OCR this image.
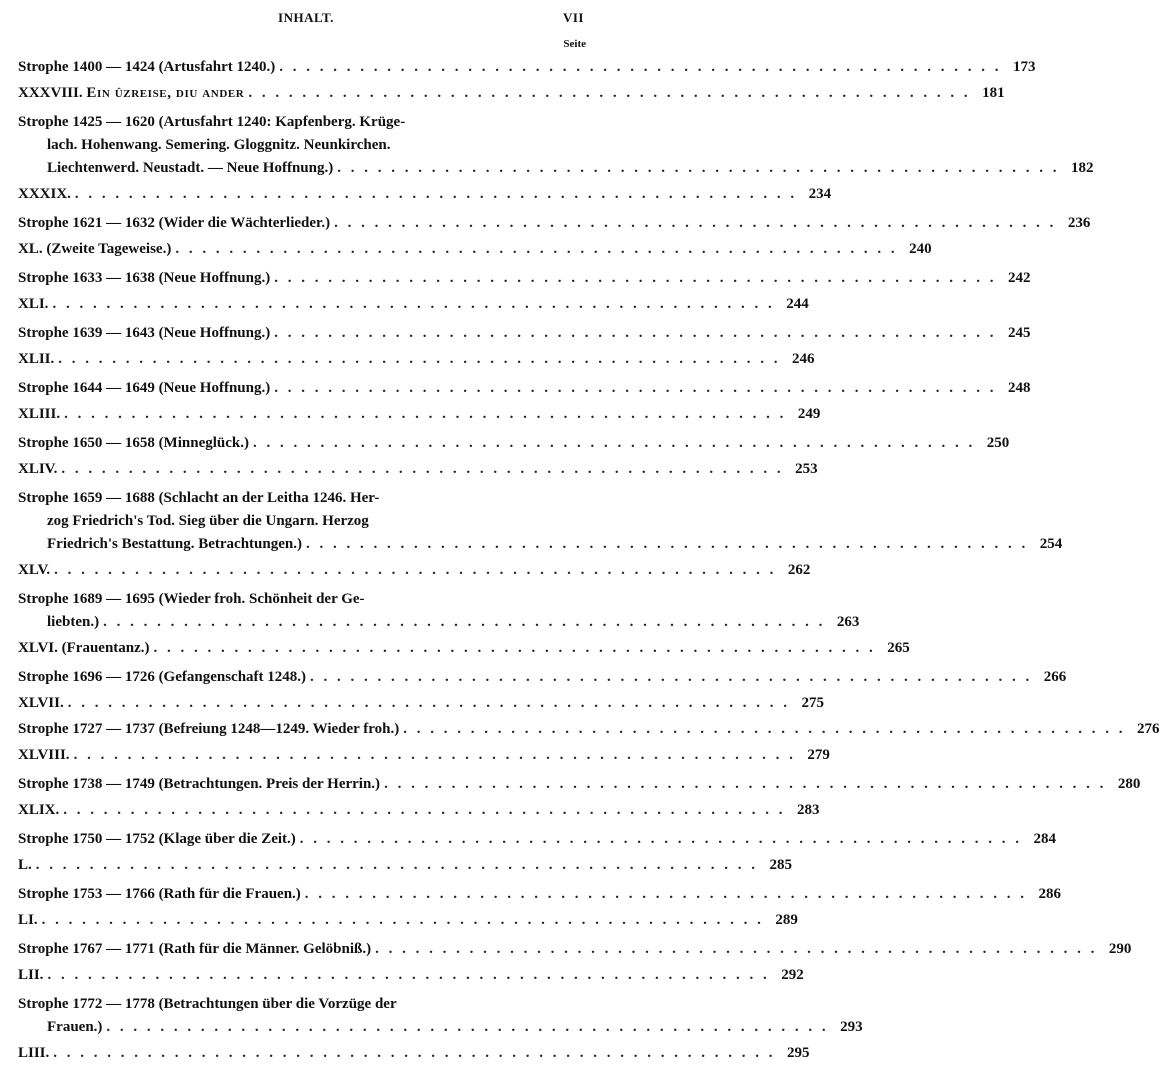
INHALT.	VII
Seite
Strophe 1400 — 1424 (Artusfahrt 1240.) . . . . . . . . . . . . . . . . . . . . . . . . . . . . . . . . . . . . . . . . . . . . . . . . . . . . . . 173
XXXVIII. Ein ûzreise, diu ander . . . . . . . . . . . . . . . . . . . . . . . . . . . . . . . . . . . . . . . . . . . . . . . . . . . . . . 181
Strophe 1425 — 1620 (Artusfahrt 1240: Kapfenberg. Krüge-
lach. Hohenwang. Semering. Gloggnitz. Neunkirchen.
Liechtenwerd. Neustadt. — Neue Hoffnung.) . . . . . . . . . . . . . . . . . . . . . . . . . . . . . . . . . . . . . . . . . . . . . . . . . . . . . . 182
XXXIX. . . . . . . . . . . . . . . . . . . . . . . . . . . . . . . . . . . . . . . . . . . . . . . . . . . . . . . 234
Strophe 1621 — 1632 (Wider die Wächterlieder.) . . . . . . . . . . . . . . . . . . . . . . . . . . . . . . . . . . . . . . . . . . . . . . . . . . . . . . 236
XL. (Zweite Tageweise.) . . . . . . . . . . . . . . . . . . . . . . . . . . . . . . . . . . . . . . . . . . . . . . . . . . . . . . 240
Strophe 1633 — 1638 (Neue Hoffnung.) . . . . . . . . . . . . . . . . . . . . . . . . . . . . . . . . . . . . . . . . . . . . . . . . . . . . . . 242
XLI. . . . . . . . . . . . . . . . . . . . . . . . . . . . . . . . . . . . . . . . . . . . . . . . . . . . . . . 244
Strophe 1639 — 1643 (Neue Hoffnung.) . . . . . . . . . . . . . . . . . . . . . . . . . . . . . . . . . . . . . . . . . . . . . . . . . . . . . . 245
XLII. . . . . . . . . . . . . . . . . . . . . . . . . . . . . . . . . . . . . . . . . . . . . . . . . . . . . . . 246
Strophe 1644 — 1649 (Neue Hoffnung.) . . . . . . . . . . . . . . . . . . . . . . . . . . . . . . . . . . . . . . . . . . . . . . . . . . . . . . 248
XLIII. . . . . . . . . . . . . . . . . . . . . . . . . . . . . . . . . . . . . . . . . . . . . . . . . . . . . . . 249
Strophe 1650 — 1658 (Minneglück.) . . . . . . . . . . . . . . . . . . . . . . . . . . . . . . . . . . . . . . . . . . . . . . . . . . . . . . 250
XLIV. . . . . . . . . . . . . . . . . . . . . . . . . . . . . . . . . . . . . . . . . . . . . . . . . . . . . . . 253
Strophe 1659 — 1688 (Schlacht an der Leitha 1246. Her-
zog Friedrich's Tod. Sieg über die Ungarn. Herzog
Friedrich's Bestattung. Betrachtungen.) . . . . . . . . . . . . . . . . . . . . . . . . . . . . . . . . . . . . . . . . . . . . . . . . . . . . . . 254
XLV. . . . . . . . . . . . . . . . . . . . . . . . . . . . . . . . . . . . . . . . . . . . . . . . . . . . . . . 262
Strophe 1689 — 1695 (Wieder froh. Schönheit der Ge-
liebten.) . . . . . . . . . . . . . . . . . . . . . . . . . . . . . . . . . . . . . . . . . . . . . . . . . . . . . . 263
XLVI. (Frauentanz.) . . . . . . . . . . . . . . . . . . . . . . . . . . . . . . . . . . . . . . . . . . . . . . . . . . . . . . 265
Strophe 1696 — 1726 (Gefangenschaft 1248.) . . . . . . . . . . . . . . . . . . . . . . . . . . . . . . . . . . . . . . . . . . . . . . . . . . . . . . 266
XLVII. . . . . . . . . . . . . . . . . . . . . . . . . . . . . . . . . . . . . . . . . . . . . . . . . . . . . . . 275
Strophe 1727 — 1737 (Befreiung 1248—1249. Wieder froh.) . . . . . . . . . . . . . . . . . . . . . . . . . . . . . . . . . . . . . . . . . . . . . . . . . . . . . . 276
XLVIII. . . . . . . . . . . . . . . . . . . . . . . . . . . . . . . . . . . . . . . . . . . . . . . . . . . . . . . 279
Strophe 1738 — 1749 (Betrachtungen. Preis der Herrin.) . . . . . . . . . . . . . . . . . . . . . . . . . . . . . . . . . . . . . . . . . . . . . . . . . . . . . . 280
XLIX. . . . . . . . . . . . . . . . . . . . . . . . . . . . . . . . . . . . . . . . . . . . . . . . . . . . . . . 283
Strophe 1750 — 1752 (Klage über die Zeit.) . . . . . . . . . . . . . . . . . . . . . . . . . . . . . . . . . . . . . . . . . . . . . . . . . . . . . . 284
L. . . . . . . . . . . . . . . . . . . . . . . . . . . . . . . . . . . . . . . . . . . . . . . . . . . . . . . 285
Strophe 1753 — 1766 (Rath für die Frauen.) . . . . . . . . . . . . . . . . . . . . . . . . . . . . . . . . . . . . . . . . . . . . . . . . . . . . . . 286
LI. . . . . . . . . . . . . . . . . . . . . . . . . . . . . . . . . . . . . . . . . . . . . . . . . . . . . . . 289
Strophe 1767 — 1771 (Rath für die Männer. Gelöbniß.) . . . . . . . . . . . . . . . . . . . . . . . . . . . . . . . . . . . . . . . . . . . . . . . . . . . . . . 290
LII. . . . . . . . . . . . . . . . . . . . . . . . . . . . . . . . . . . . . . . . . . . . . . . . . . . . . . . 292
Strophe 1772 — 1778 (Betrachtungen über die Vorzüge der
Frauen.) . . . . . . . . . . . . . . . . . . . . . . . . . . . . . . . . . . . . . . . . . . . . . . . . . . . . . . 293
LIII. . . . . . . . . . . . . . . . . . . . . . . . . . . . . . . . . . . . . . . . . . . . . . . . . . . . . . . 295
